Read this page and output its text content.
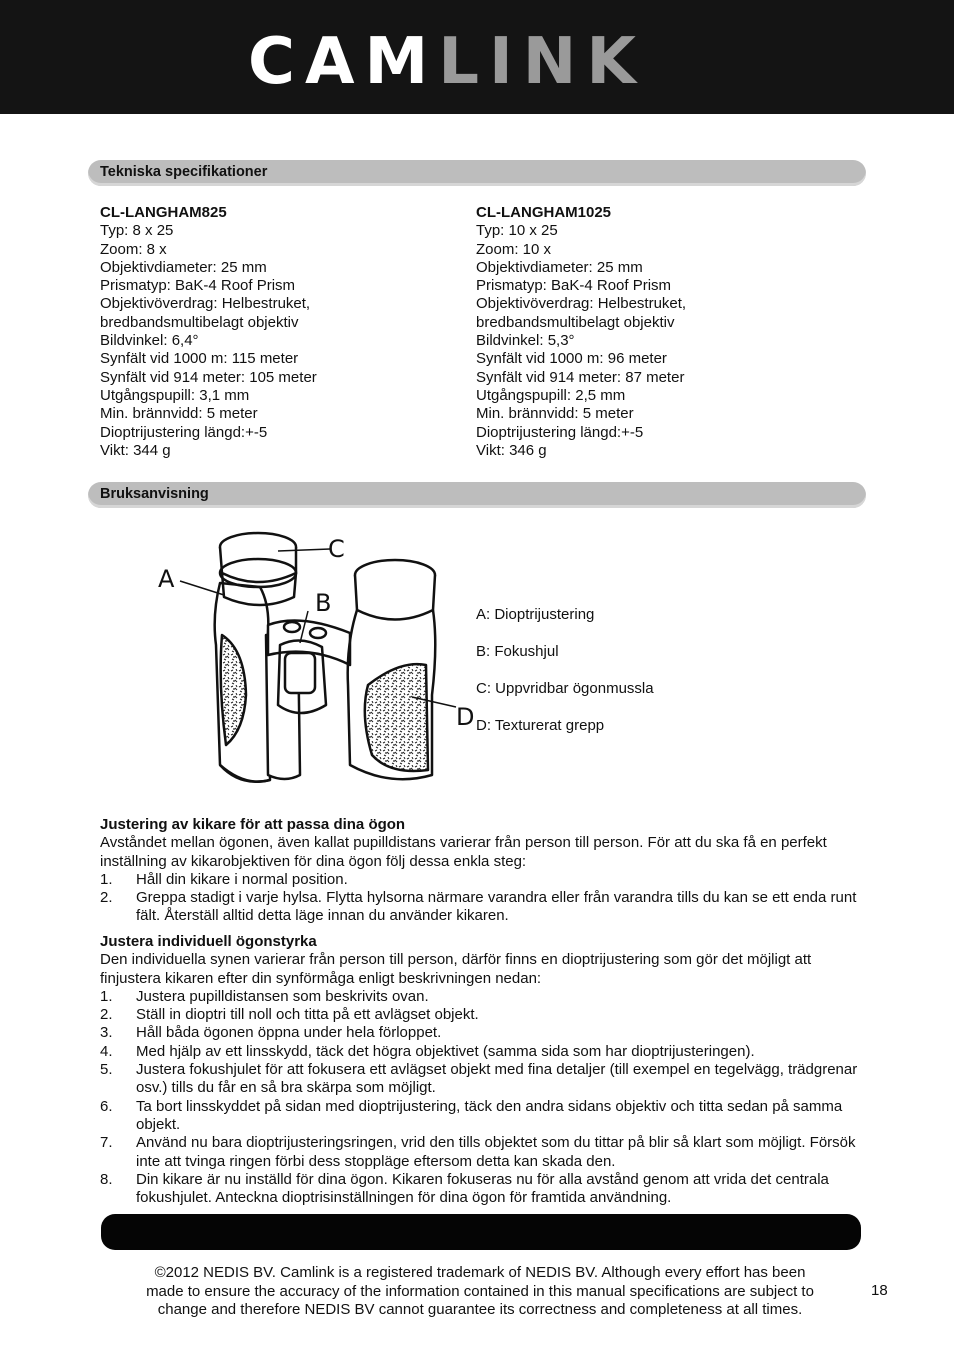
CAMLINK
Tekniska specifikationer
CL-LANGHAM825
Typ: 8 x 25
Zoom: 8 x
Objektivdiameter: 25 mm
Prismatyp: BaK-4 Roof Prism
Objektivöverdrag: Helbestruket,
bredbandsmultibelagt objektiv
Bildvinkel: 6,4°
Synfält vid 1000 m: 115 meter
Synfält vid 914 meter: 105 meter
Utgångspupill: 3,1 mm
Min. brännvidd: 5 meter
Dioptrijustering längd:+-5
Vikt: 344 g
CL-LANGHAM1025
Typ: 10 x 25
Zoom: 10 x
Objektivdiameter: 25 mm
Prismatyp: BaK-4 Roof Prism
Objektivöverdrag: Helbestruket,
bredbandsmultibelagt objektiv
Bildvinkel: 5,3°
Synfält vid 1000 m: 96 meter
Synfält vid 914 meter: 87 meter
Utgångspupill: 2,5 mm
Min. brännvidd: 5 meter
Dioptrijustering längd:+-5
Vikt: 346 g
Bruksanvisning
A
C
B
D
A: Dioptrijustering
B: Fokushjul
C: Uppvridbar ögonmussla
D: Texturerat grepp
Justering av kikare för att passa dina ögon
Avståndet mellan ögonen, även kallat pupilldistans varierar från person till person. För att du ska få en perfekt inställning av kikarobjektiven för dina ögon följ dessa enkla steg:
1. Håll din kikare i normal position.
2. Greppa stadigt i varje hylsa. Flytta hylsorna närmare varandra eller från varandra tills du kan se ett enda runt fält. Återställ alltid detta läge innan du använder kikaren.
Justera individuell ögonstyrka
Den individuella synen varierar från person till person, därför finns en dioptrijustering som gör det möjligt att finjustera kikaren efter din synförmåga enligt beskrivningen nedan:
1. Justera pupilldistansen som beskrivits ovan.
2. Ställ in dioptri till noll och titta på ett avlägset objekt.
3. Håll båda ögonen öppna under hela förloppet.
4. Med hjälp av ett linsskydd, täck det högra objektivet (samma sida som har dioptrijusteringen).
5. Justera fokushjulet för att fokusera ett avlägset objekt med fina detaljer (till exempel en tegelvägg, trädgrenar osv.) tills du får en så bra skärpa som möjligt.
6. Ta bort linsskyddet på sidan med dioptrijustering, täck den andra sidans objektiv och titta sedan på samma objekt.
7. Använd nu bara dioptrijusteringsringen, vrid den tills objektet som du tittar på blir så klart som möjligt. Försök inte att tvinga ringen förbi dess stoppläge eftersom detta kan skada den.
8. Din kikare är nu inställd för dina ögon. Kikaren fokuseras nu för alla avstånd genom att vrida det centrala fokushjulet. Anteckna dioptrisinställningen för dina ögon för framtida användning.
©2012 NEDIS BV. Camlink is a registered trademark of NEDIS BV. Although every effort has been
made to ensure the accuracy of the information contained in this manual specifications are subject to
change and therefore NEDIS BV cannot guarantee its correctness and completeness at all times.
18
